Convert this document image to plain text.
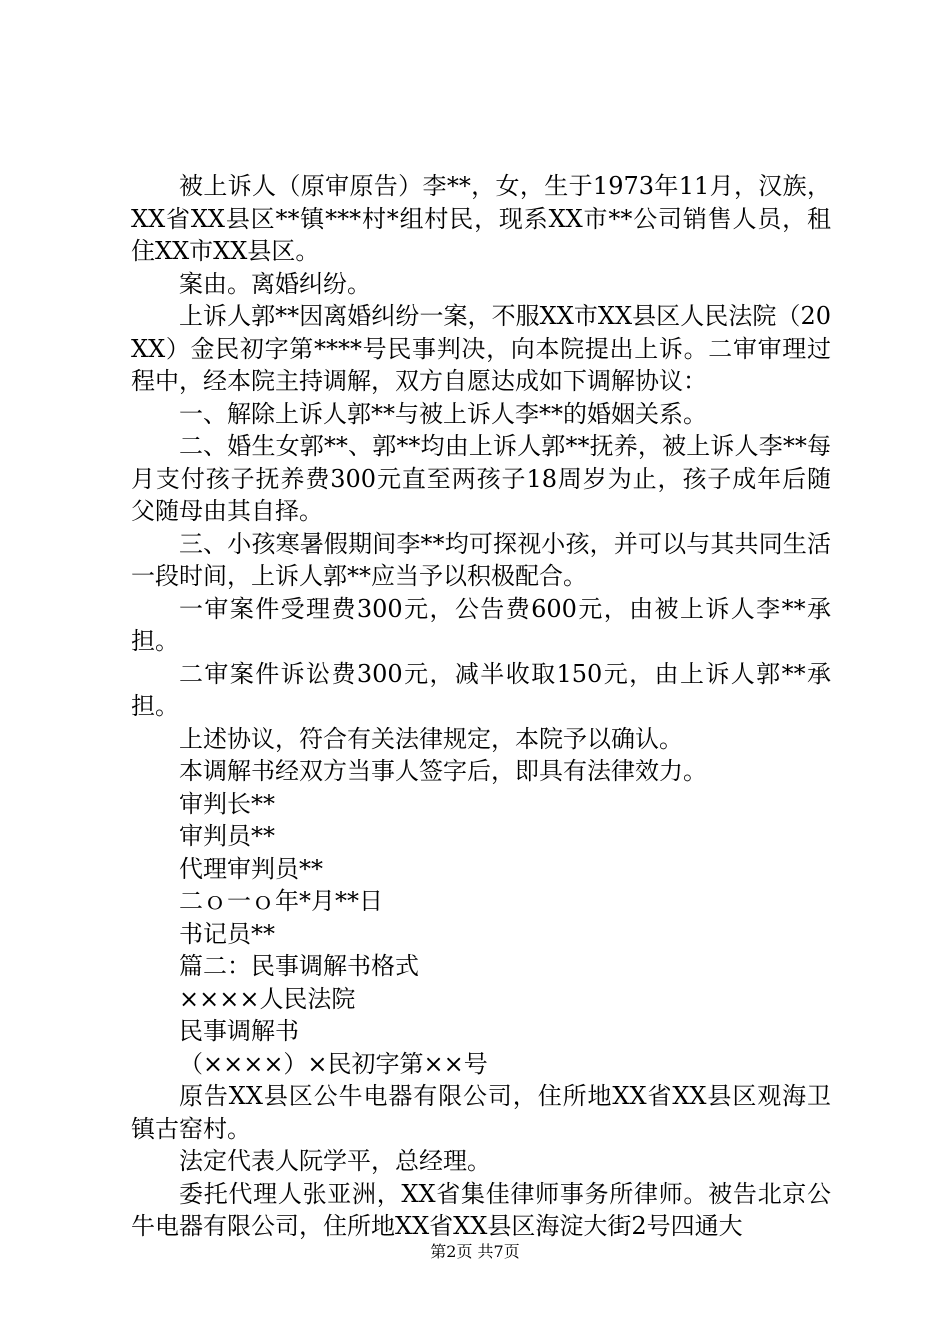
被上诉人（原审原告）李**，女，生于1973年11月，汉族，XX省XX县区**镇***村*组村民，现系XX市**公司销售人员，租住XX市XX县区。

案由。离婚纠纷。

上诉人郭**因离婚纠纷一案，不服XX市XX县区人民法院（20XX）金民初字第****号民事判决，向本院提出上诉。二审审理过程中，经本院主持调解，双方自愿达成如下调解协议：

一、解除上诉人郭**与被上诉人李**的婚姻关系。

二、婚生女郭**、郭**均由上诉人郭**抚养，被上诉人李**每月支付孩子抚养费300元直至两孩子18周岁为止，孩子成年后随父随母由其自择。

三、小孩寒暑假期间李**均可探视小孩，并可以与其共同生活一段时间，上诉人郭**应当予以积极配合。

一审案件受理费300元，公告费600元，由被上诉人李**承担。

二审案件诉讼费300元，减半收取150元，由上诉人郭**承担。

上述协议，符合有关法律规定，本院予以确认。

本调解书经双方当事人签字后，即具有法律效力。

审判长**

审判员**

代理审判员**

二ｏ一ｏ年*月**日

书记员**

篇二：民事调解书格式

××××人民法院

民事调解书

（××××）×民初字第××号

原告XX县区公牛电器有限公司，住所地XX省XX县区观海卫镇古窑村。

法定代表人阮学平，总经理。

委托代理人张亚洲，XX省集佳律师事务所律师。被告北京公牛电器有限公司，住所地XX省XX县区海淀大街2号四通大

第2页 共7页
